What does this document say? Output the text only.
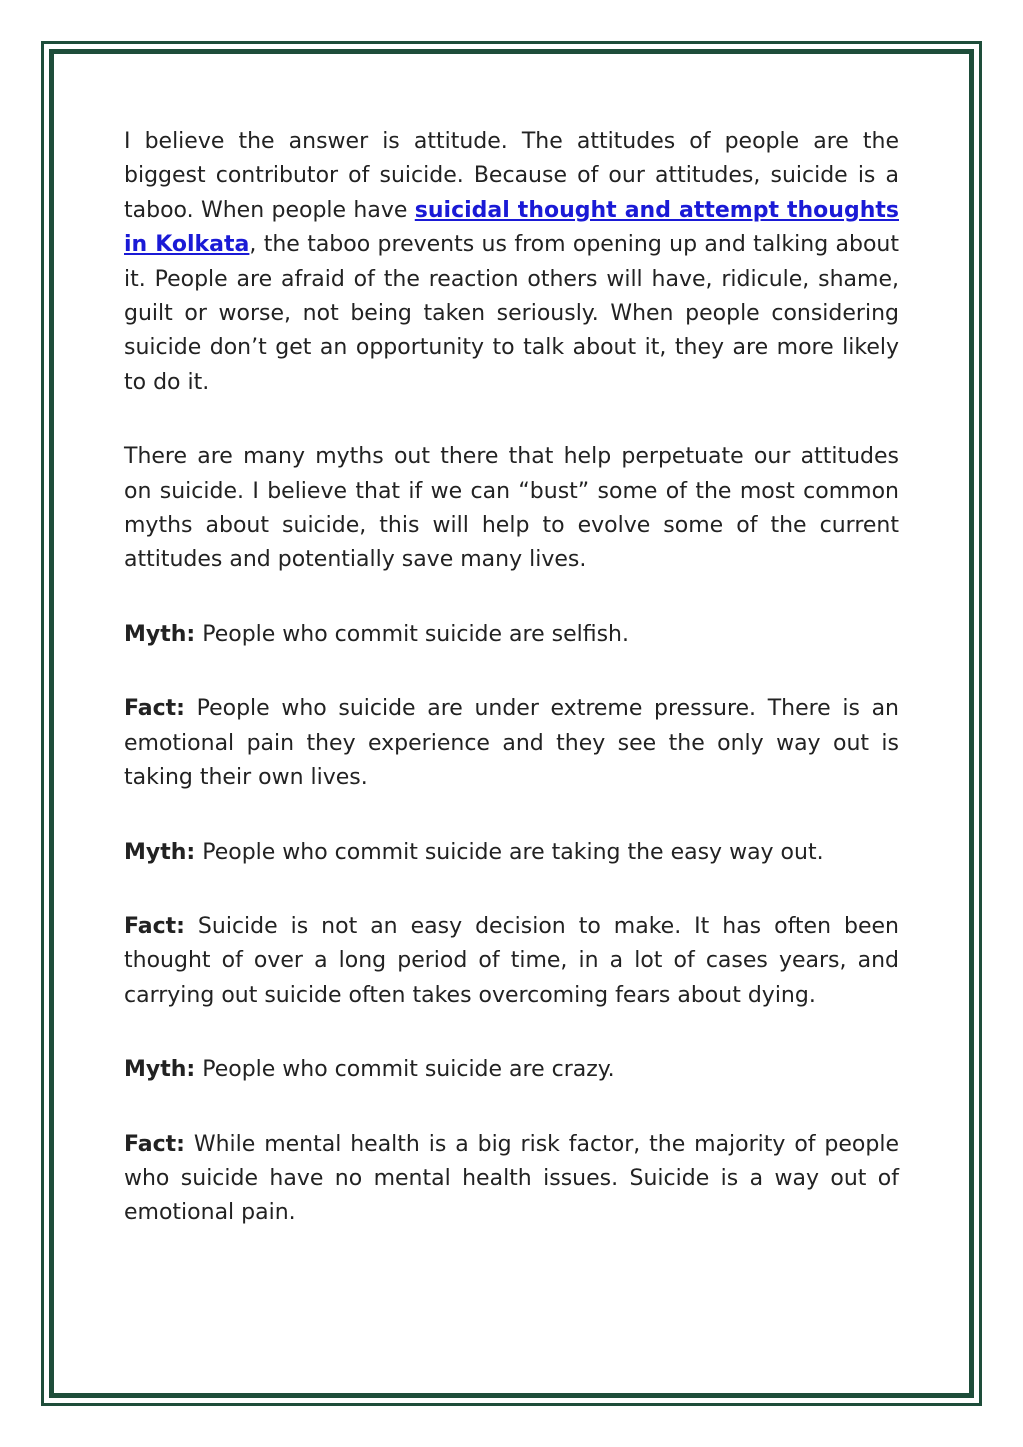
I believe the answer is attitude. The attitudes of people are the biggest contributor of suicide. Because of our attitudes, suicide is a taboo. When people have suicidal thought and attempt thoughts in Kolkata, the taboo prevents us from opening up and talking about it. People are afraid of the reaction others will have, ridicule, shame, guilt or worse, not being taken seriously. When people considering suicide don’t get an opportunity to talk about it, they are more likely to do it.

There are many myths out there that help perpetuate our attitudes on suicide. I believe that if we can “bust” some of the most common myths about suicide, this will help to evolve some of the current attitudes and potentially save many lives.

Myth: People who commit suicide are selfish.

Fact: People who suicide are under extreme pressure. There is an emotional pain they experience and they see the only way out is taking their own lives.

Myth: People who commit suicide are taking the easy way out.

Fact: Suicide is not an easy decision to make. It has often been thought of over a long period of time, in a lot of cases years, and carrying out suicide often takes overcoming fears about dying.

Myth: People who commit suicide are crazy.

Fact: While mental health is a big risk factor, the majority of people who suicide have no mental health issues. Suicide is a way out of emotional pain.
